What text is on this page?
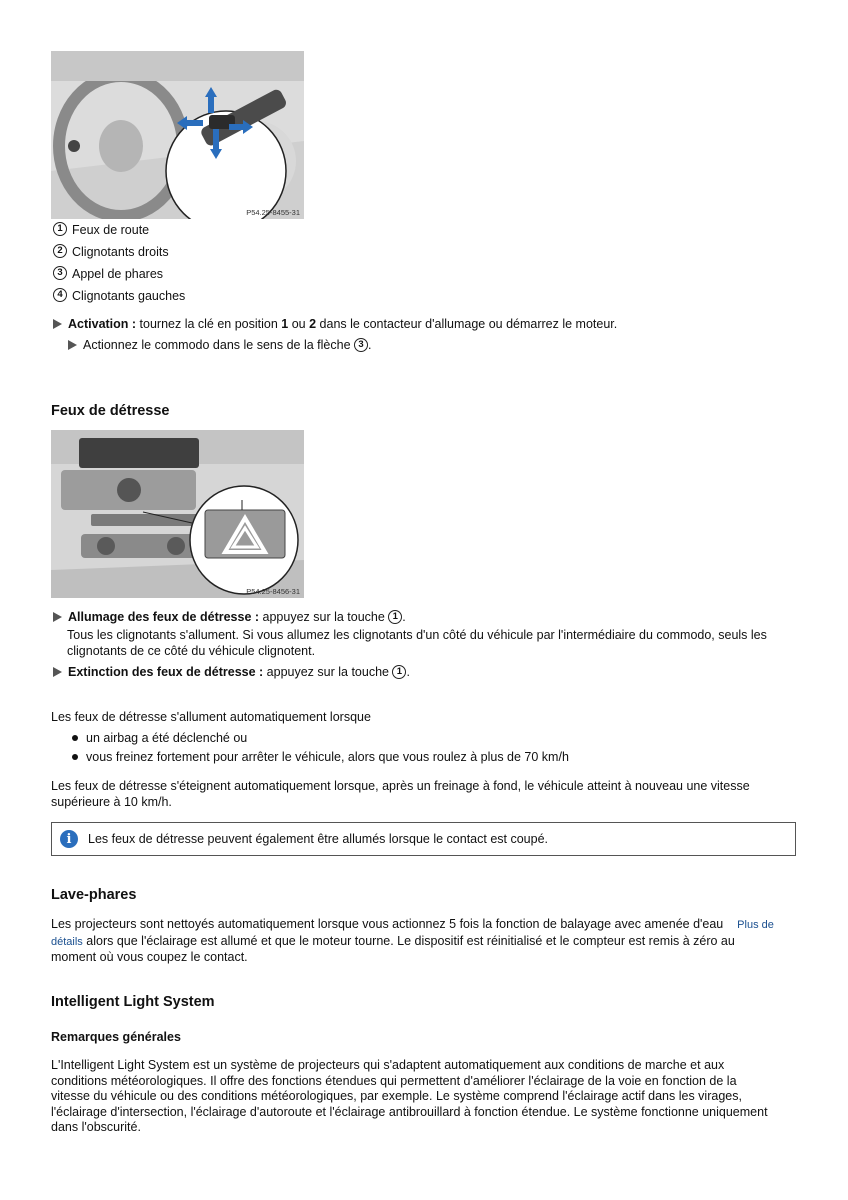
P54.25-8455-31
1 Feux de route
2 Clignotants droits
3 Appel de phares
4 Clignotants gauches
Activation : tournez la clé en position 1 ou 2 dans le contacteur d'allumage ou démarrez le moteur.
Actionnez le commodo dans le sens de la flèche 3 .
Feux de détresse
P54.25-8456-31
Allumage des feux de détresse : appuyez sur la touche 1 .
Tous les clignotants s'allument. Si vous allumez les clignotants d'un côté du véhicule par l'intermédiaire du commodo, seuls les
clignotants de ce côté du véhicule clignotent.
Extinction des feux de détresse : appuyez sur la touche 1 .
Les feux de détresse s'allument automatiquement lorsque
un airbag a été déclenché ou
vous freinez fortement pour arrêter le véhicule, alors que vous roulez à plus de 70 km/h
Les feux de détresse s'éteignent automatiquement lorsque, après un freinage à fond, le véhicule atteint à nouveau une vitesse
supérieure à 10 km/h.
i	Les feux de détresse peuvent également être allumés lorsque le contact est coupé.
Lave-phares
Les projecteurs sont nettoyés automatiquement lorsque vous actionnez 5 fois la fonction de balayage avec amenée d'eau Plus de
détails alors que l'éclairage est allumé et que le moteur tourne. Le dispositif est réinitialisé et le compteur est remis à zéro au
moment où vous coupez le contact.
Intelligent Light System
Remarques générales
L'Intelligent Light System est un système de projecteurs qui s'adaptent automatiquement aux conditions de marche et aux
conditions météorologiques. Il offre des fonctions étendues qui permettent d'améliorer l'éclairage de la voie en fonction de la
vitesse du véhicule ou des conditions météorologiques, par exemple. Le système comprend l'éclairage actif dans les virages,
l'éclairage d'intersection, l'éclairage d'autoroute et l'éclairage antibrouillard à fonction étendue. Le système fonctionne uniquement
dans l'obscurité.
